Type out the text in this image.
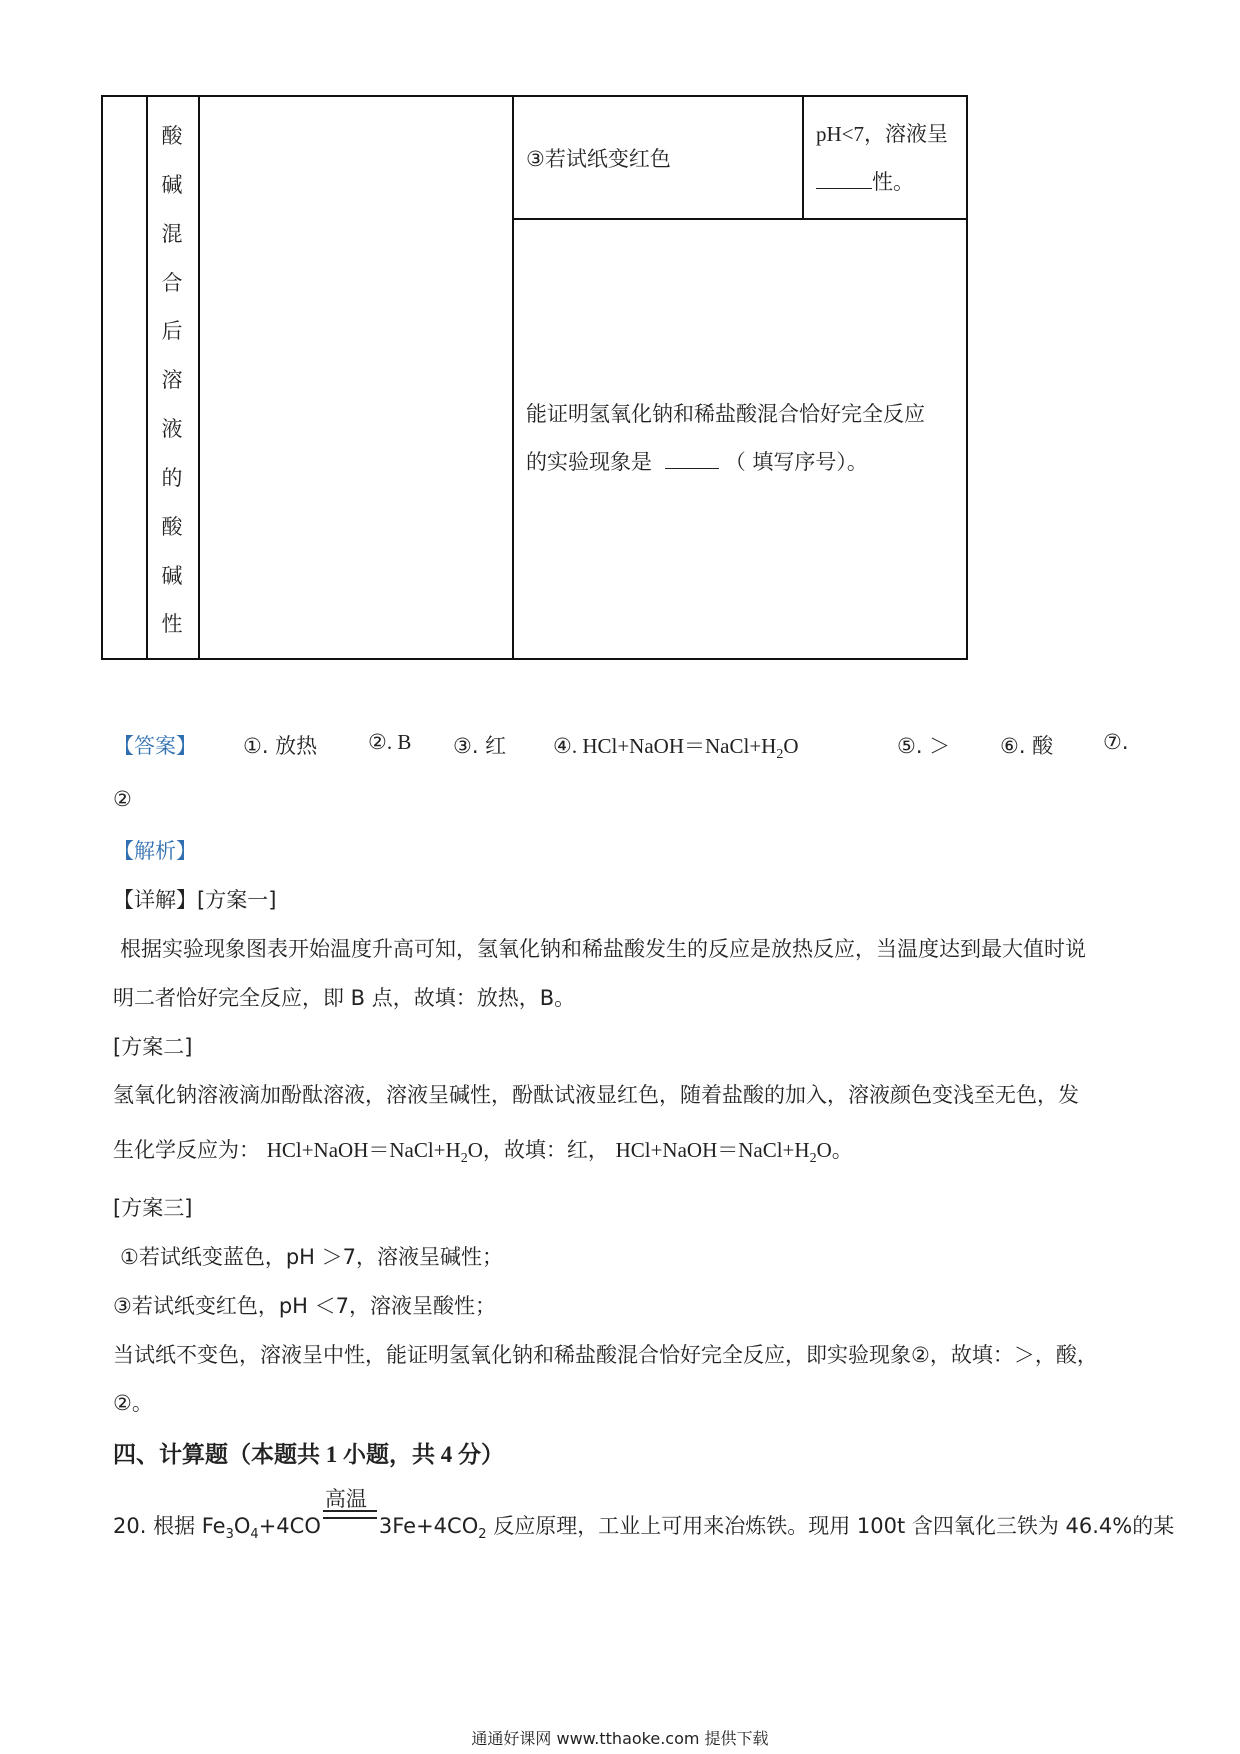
酸
碱
混
合
后
溶
液
的
酸
碱
性
③若试纸变红色
pH<7，溶液呈
性。
能证明氢氧化钠和稀盐酸混合恰好完全反应
的实验现象是	（ 填写序号）。
【答案】 ①. 放热 ②. B ③. 红 ④. $HCl+NaOH=NaCl+H_2O$	⑤. ＞ ⑥. 酸 ⑦.
②
【解析】
【详解】[方案一]
根据实验现象图表开始温度升高可知，氢氧化钠和稀盐酸发生的反应是放热反应，当温度达到最大值时说
明二者恰好完全反应，即 B 点，故填：放热，B。
[方案二]
氢氧化钠溶液滴加酚酞溶液，溶液呈碱性，酚酞试液显红色，随着盐酸的加入，溶液颜色变浅至无色，发
生化学反应为： $HCl+NaOH=NaCl+H_2O$，故填：红， $HCl+NaOH=NaCl+H_2O$。
[方案三]
①若试纸变蓝色，pH ＞7，溶液呈碱性；
③若试纸变红色，pH ＜7，溶液呈酸性；
当试纸不变色，溶液呈中性，能证明氢氧化钠和稀盐酸混合恰好完全反应，即实验现象②，故填：＞，酸，
②。
四、计算题（本题共 1 小题，共 4 分）
20. 根据 $Fe_3O_4+4CO$
高温
$3Fe+4CO_2$ 反应原理，工业上可用来冶炼铁。现用 100t 含四氧化三铁为 46.4%的某
通通好课网 www.tthaoke.com 提供下载
